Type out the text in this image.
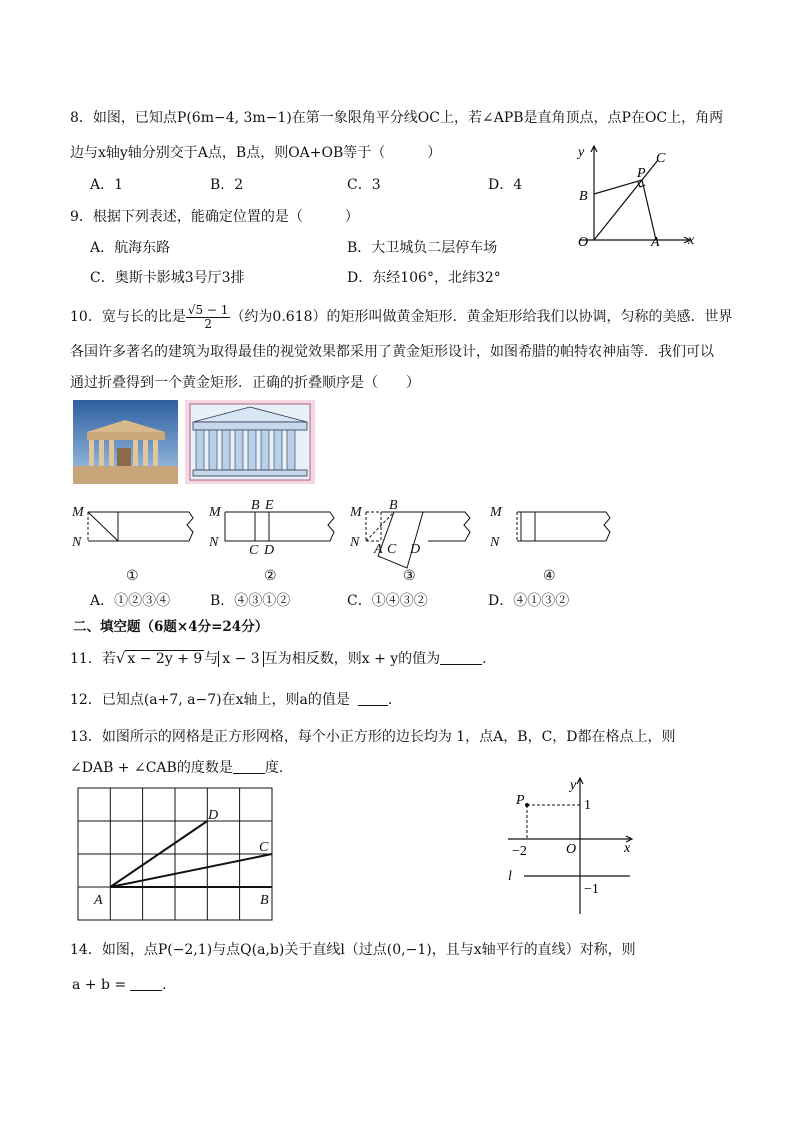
8．如图，已知点P(6m−4, 3m−1)在第一象限角平分线OC上，若∠APB是直角顶点，点P在OC上，角两
边与x轴y轴分别交于A点，B点，则OA+OB等于（　　　）
A．1	B．2	C．3	D．4
y
x
C
P
B
O	A
9．根据下列表述，能确定位置的是（　　　）
A．航海东路	B．大卫城负二层停车场
C．奥斯卡影城3号厅3排	D．东经106°，北纬32°
10．宽与长的比是 $\frac{√5 - 1}{2}$ （约为0.618）的矩形叫做黄金矩形．黄金矩形给我们以协调，匀称的美感．世界
各国许多著名的建筑为取得最佳的视觉效果都采用了黄金矩形设计，如图希腊的帕特农神庙等．我们可以
通过折叠得到一个黄金矩形．正确的折叠顺序是（　　）
M
N
M
N
B E
C D
M
N
B
A C D
M
N
①	②	③	④
A．①②③④	B．④③①②	C．①④③②	D．④①③②
二、填空题（6题×4分=24分）
11．若√ x − 2y + 9 与 x − 3 互为相反数，则x + y的值为	.
12．已知点(a+7, a−7)在x轴上，则a的值是	.
13．如图所示的网格是正方形网格，每个小正方形的边长均为 1，点A，B，C，D都在格点上，则
∠DAB + ∠CAB的度数是 度.
A	B
C
D
y
x
P	1
−2	O
l
−1
14．如图，点P(−2,1)与点Q(a,b)关于直线l（过点(0,−1)，且与x轴平行的直线）对称，则
a + b =	.
